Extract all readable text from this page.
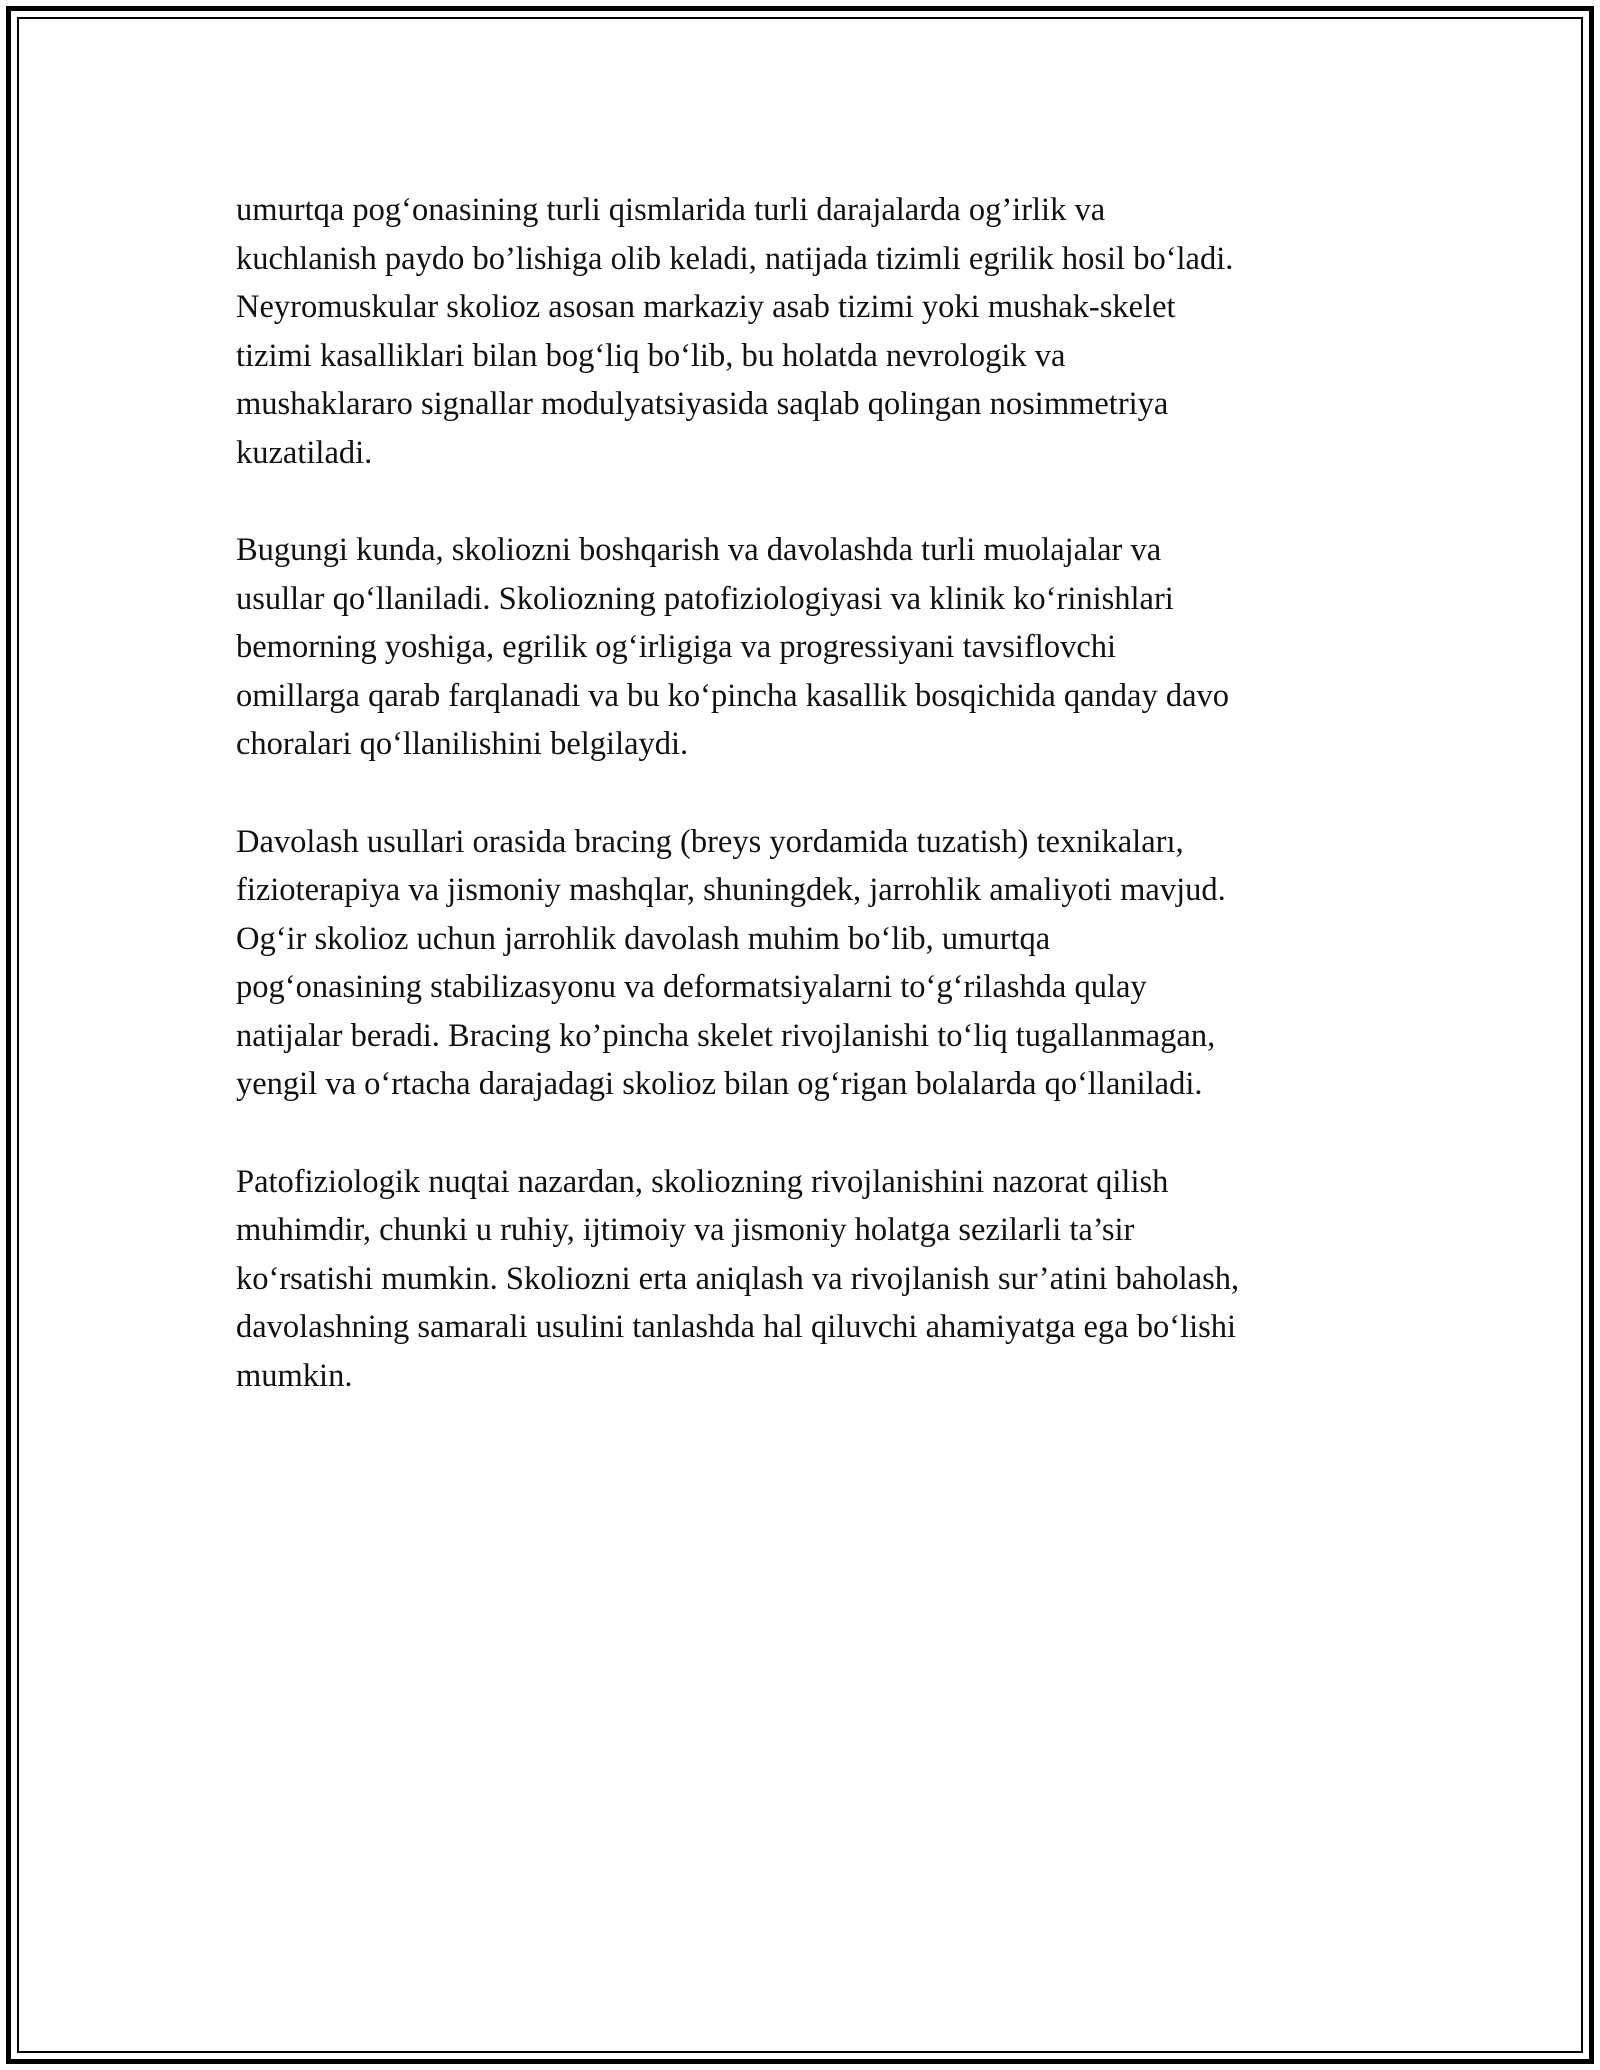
umurtqa pog‘onasining turli qismlarida turli darajalarda og’irlik va
kuchlanish paydo bo’lishiga olib keladi, natijada tizimli egrilik hosil bo‘ladi.
Neyromuskular skolioz asosan markaziy asab tizimi yoki mushak-skelet
tizimi kasalliklari bilan bog‘liq bo‘lib, bu holatda nevrologik va
mushaklararo signallar modulyatsiyasida saqlab qolingan nosimmetriya
kuzatiladi.

Bugungi kunda, skoliozni boshqarish va davolashda turli muolajalar va
usullar qo‘llaniladi. Skoliozning patofiziologiyasi va klinik ko‘rinishlari
bemorning yoshiga, egrilik og‘irligiga va progressiyani tavsiflovchi
omillarga qarab farqlanadi va bu ko‘pincha kasallik bosqichida qanday davo
choralari qo‘llanilishini belgilaydi.

Davolash usullari orasida bracing (breys yordamida tuzatish) texnikaları,
fizioterapiya va jismoniy mashqlar, shuningdek, jarrohlik amaliyoti mavjud.
Og‘ir skolioz uchun jarrohlik davolash muhim bo‘lib, umurtqa
pog‘onasining stabilizasyonu va deformatsiyalarni to‘g‘rilashda qulay
natijalar beradi. Bracing ko’pincha skelet rivojlanishi to‘liq tugallanmagan,
yengil va o‘rtacha darajadagi skolioz bilan og‘rigan bolalarda qo‘llaniladi.

Patofiziologik nuqtai nazardan, skoliozning rivojlanishini nazorat qilish
muhimdir, chunki u ruhiy, ijtimoiy va jismoniy holatga sezilarli ta’sir
ko‘rsatishi mumkin. Skoliozni erta aniqlash va rivojlanish sur’atini baholash,
davolashning samarali usulini tanlashda hal qiluvchi ahamiyatga ega bo‘lishi
mumkin.
